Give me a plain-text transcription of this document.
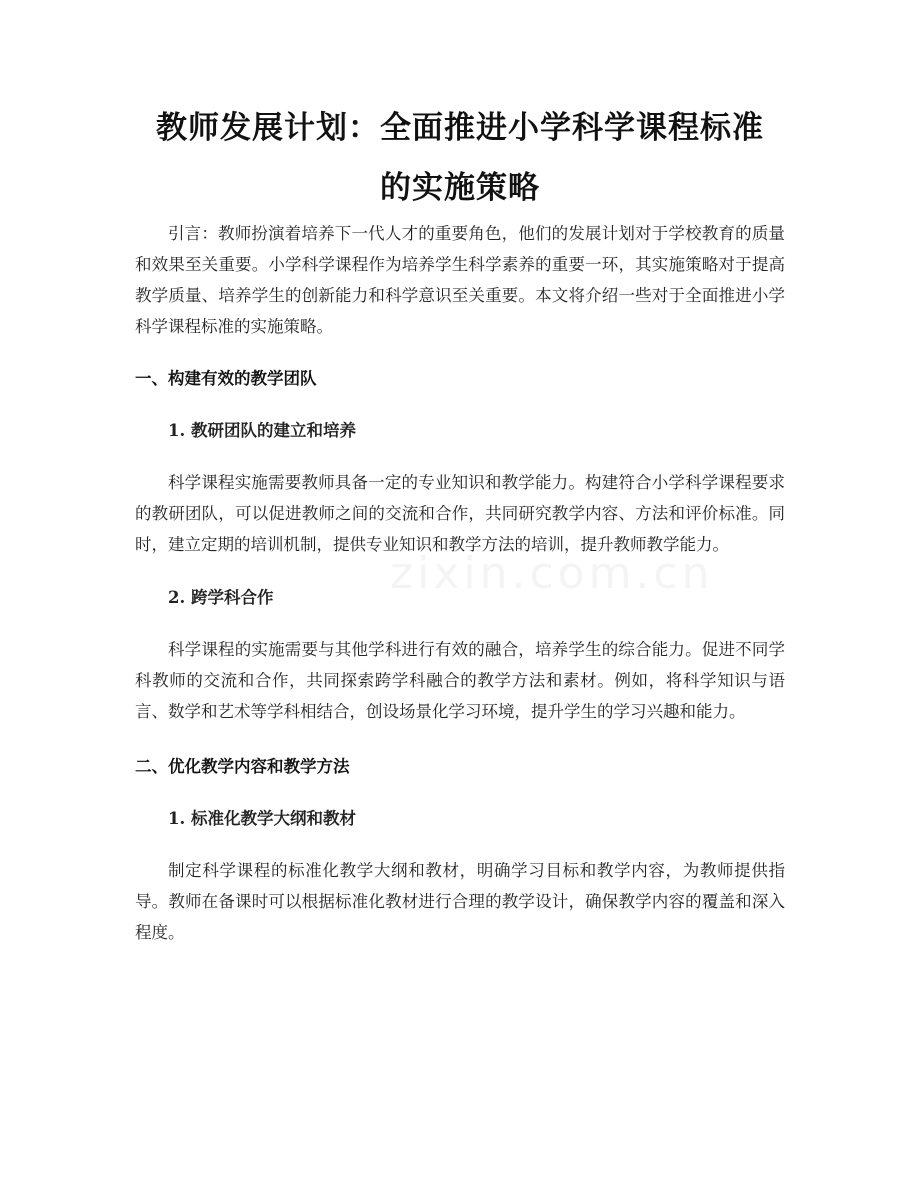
教师发展计划：全面推进小学科学课程标准
的实施策略

引言：教师扮演着培养下一代人才的重要角色，他们的发展计划对于学校教育的质量和效果至关重要。小学科学课程作为培养学生科学素养的重要一环，其实施策略对于提高教学质量、培养学生的创新能力和科学意识至关重要。本文将介绍一些对于全面推进小学科学课程标准的实施策略。

一、构建有效的教学团队
1. 教研团队的建立和培养

科学课程实施需要教师具备一定的专业知识和教学能力。构建符合小学科学课程要求的教研团队，可以促进教师之间的交流和合作，共同研究教学内容、方法和评价标准。同时，建立定期的培训机制，提供专业知识和教学方法的培训，提升教师教学能力。

2. 跨学科合作

科学课程的实施需要与其他学科进行有效的融合，培养学生的综合能力。促进不同学科教师的交流和合作，共同探索跨学科融合的教学方法和素材。例如，将科学知识与语言、数学和艺术等学科相结合，创设场景化学习环境，提升学生的学习兴趣和能力。

二、优化教学内容和教学方法
1. 标准化教学大纲和教材

制定科学课程的标准化教学大纲和教材，明确学习目标和教学内容，为教师提供指导。教师在备课时可以根据标准化教材进行合理的教学设计，确保教学内容的覆盖和深入程度。

zixin.com.cn
